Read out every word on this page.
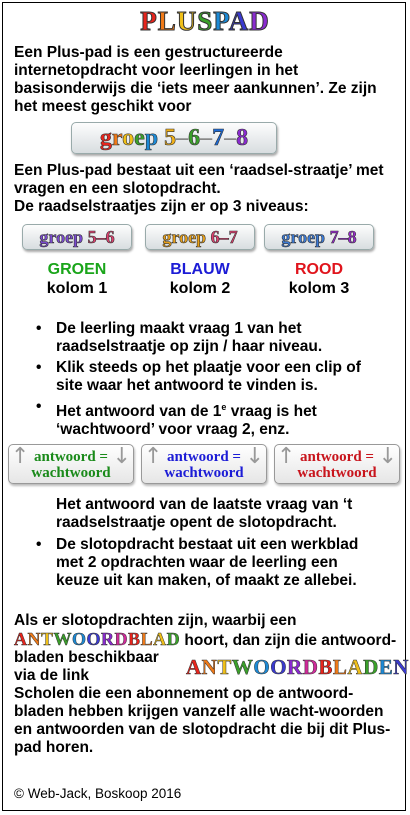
PLUSPAD
Een Plus-pad is een gestructureerde internetopdracht voor leerlingen in het basisonderwijs die ‘iets meer aankunnen’. Ze zijn het meest geschikt voor
groep 5–6–7–8
Een Plus-pad bestaat uit een ‘raadsel-straatje’ met vragen en een slotopdracht.
De raadselstraatjes zijn er op 3 niveaus:
groep 5–6	groep 6–7	groep 7–8
GROEN
kolom 1
BLAUW
kolom 2
ROOD
kolom 3
• De leerling maakt vraag 1 van het raadselstraatje op zijn / haar niveau.
• Klik steeds op het plaatje voor een clip of site waar het antwoord te vinden is.
• Het antwoord van de 1e vraag is het ‘wachtwoord’ voor vraag 2, enz.
↑ antwoord =
wachtwoord
↓ ↑ antwoord =
wachtwoord
↓ ↑ antwoord =
wachtwoord
↓
Het antwoord van de laatste vraag van ‘t raadselstraatje opent de slotopdracht.
• De slotopdracht bestaat uit een werkblad met 2 opdrachten waar de leerling een keuze uit kan maken, of maakt ze allebei.
Als er slotopdrachten zijn, waarbij een
ANTWOORDBLAD hoort, dan zijn die antwoord-
bladen beschikbaar
via de link	ANTWOORDBLADEN
Scholen die een abonnement op de antwoord-bladen hebben krijgen vanzelf alle wacht-woorden en antwoorden van de slotopdracht die bij dit Plus-pad horen.
© Web-Jack, Boskoop 2016
